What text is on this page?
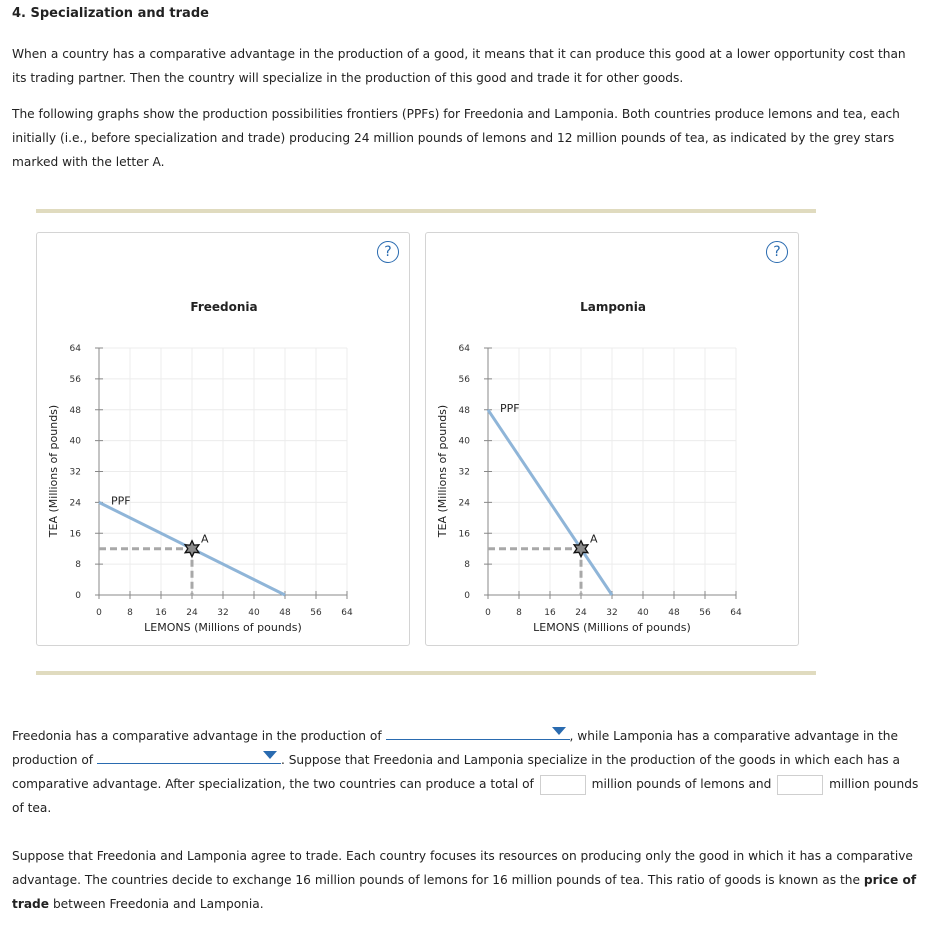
4. Specialization and trade
When a country has a comparative advantage in the production of a good, it means that it can produce this good at a lower opportunity cost than its trading partner. Then the country will specialize in the production of this good and trade it for other goods.
The following graphs show the production possibilities frontiers (PPFs) for Freedonia and Lamponia. Both countries produce lemons and tea, each initially (i.e., before specialization and trade) producing 24 million pounds of lemons and 12 million pounds of tea, as indicated by the grey stars marked with the letter A.
0	8 16 24 32 40 48 56 64
0
8
16
24
32
40
48
56
64
Freedonia
LEMONS (Millions of pounds)
TEA (Millions of pounds)	PPF
A
?
0	8 16 24 32 40 48 56 64
0
8
16
24
32
40
48
56
64
Lamponia
LEMONS (Millions of pounds)
TEA (Millions of pounds)	PPF
A
?
Freedonia has a comparative advantage in the production of	, while Lamponia has a comparative advantage in the production of	. Suppose that Freedonia and Lamponia specialize in the production of the goods in which each has a comparative advantage. After specialization, the two countries can produce a total of	million pounds of lemons and	million pounds of tea.
Suppose that Freedonia and Lamponia agree to trade. Each country focuses its resources on producing only the good in which it has a comparative advantage. The countries decide to exchange 16 million pounds of lemons for 16 million pounds of tea. This ratio of goods is known as the price of trade between Freedonia and Lamponia.
